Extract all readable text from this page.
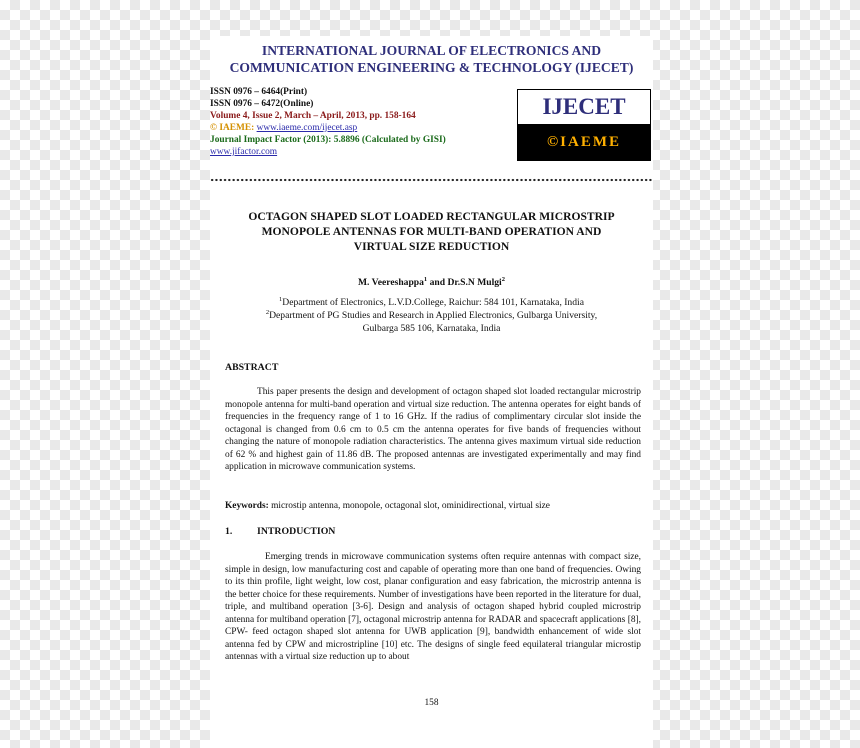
INTERNATIONAL JOURNAL OF ELECTRONICS AND
COMMUNICATION ENGINEERING & TECHNOLOGY (IJECET)
ISSN 0976 – 6464(Print)
ISSN 0976 – 6472(Online)
Volume 4, Issue 2, March – April, 2013, pp. 158-164
© IAEME: www.iaeme.com/ijecet.asp
Journal Impact Factor (2013): 5.8896 (Calculated by GISI)
www.jifactor.com
IJECET
©IAEME
OCTAGON SHAPED SLOT LOADED RECTANGULAR MICROSTRIP
MONOPOLE ANTENNAS FOR MULTI-BAND OPERATION AND
VIRTUAL SIZE REDUCTION
M. Veereshappa$^1$ and Dr.S.N Mulgi$^2$
$^1$Department of Electronics, L.V.D.College, Raichur: 584 101, Karnataka, India
$^2$Department of PG Studies and Research in Applied Electronics, Gulbarga University,
Gulbarga 585 106, Karnataka, India
ABSTRACT

This paper presents the design and development of octagon shaped slot loaded rectangular microstrip monopole antenna for multi-band operation and virtual size reduction. The antenna operates for eight bands of frequencies in the frequency range of 1 to 16 GHz. If the radius of complimentary circular slot inside the octagonal is changed from 0.6 cm to 0.5 cm the antenna operates for five bands of frequencies without changing the nature of monopole radiation characteristics. The antenna gives maximum virtual side reduction of 62 % and highest gain of 11.86 dB. The proposed antennas are investigated experimentally and may find application in microwave communication systems.

Keywords: microstip antenna, monopole, octagonal slot, ominidirectional, virtual size
1.	INTRODUCTION

Emerging trends in microwave communication systems often require antennas with compact size, simple in design, low manufacturing cost and capable of operating more than one band of frequencies. Owing to its thin profile, light weight, low cost, planar configuration and easy fabrication, the microstrip antenna is the better choice for these requirements. Number of investigations have been reported in the literature for dual, triple, and multiband operation [3-6]. Design and analysis of octagon shaped hybrid coupled microstrip antenna for multiband operation [7], octagonal microstrip antenna for RADAR and spacecraft applications [8], CPW- feed octagon shaped slot antenna for UWB application [9], bandwidth enhancement of wide slot antenna fed by CPW and microstripline [10] etc. The designs of single feed equilateral triangular microstip antennas with a virtual size reduction up to about

158
